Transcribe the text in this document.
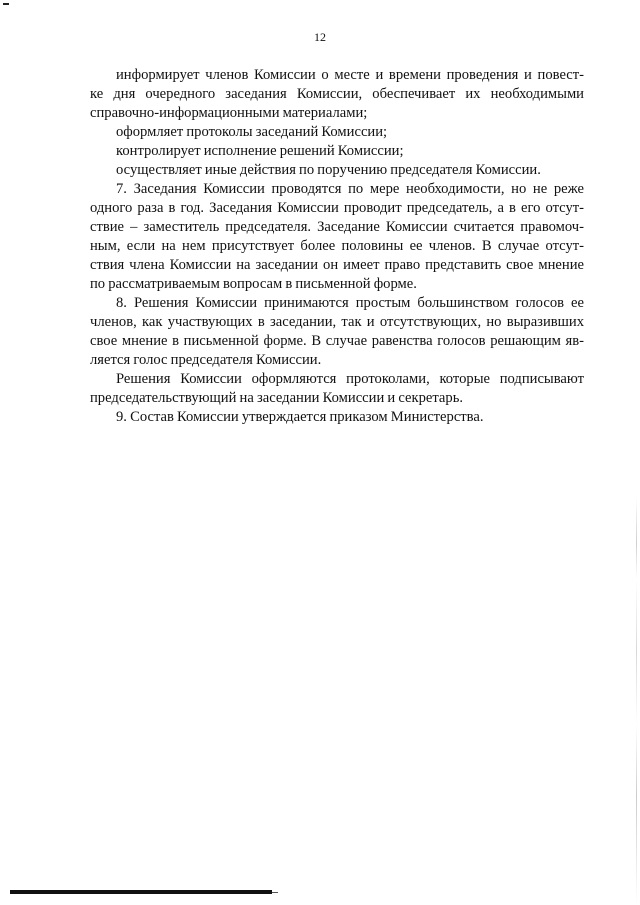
12
информирует членов Комиссии о месте и времени проведения и повест-
ке дня очередного заседания Комиссии, обеспечивает их необходимыми
справочно-информационными материалами;
оформляет протоколы заседаний Комиссии;
контролирует исполнение решений Комиссии;
осуществляет иные действия по поручению председателя Комиссии.
7. Заседания Комиссии проводятся по мере необходимости, но не реже
одного раза в год. Заседания Комиссии проводит председатель, а в его отсут-
ствие – заместитель председателя. Заседание Комиссии считается правомоч-
ным, если на нем присутствует более половины ее членов. В случае отсут-
ствия члена Комиссии на заседании он имеет право представить свое мнение
по рассматриваемым вопросам в письменной форме.
8. Решения Комиссии принимаются простым большинством голосов ее
членов, как участвующих в заседании, так и отсутствующих, но выразивших
свое мнение в письменной форме. В случае равенства голосов решающим яв-
ляется голос председателя Комиссии.
Решения Комиссии оформляются протоколами, которые подписывают
председательствующий на заседании Комиссии и секретарь.
9. Состав Комиссии утверждается приказом Министерства.
